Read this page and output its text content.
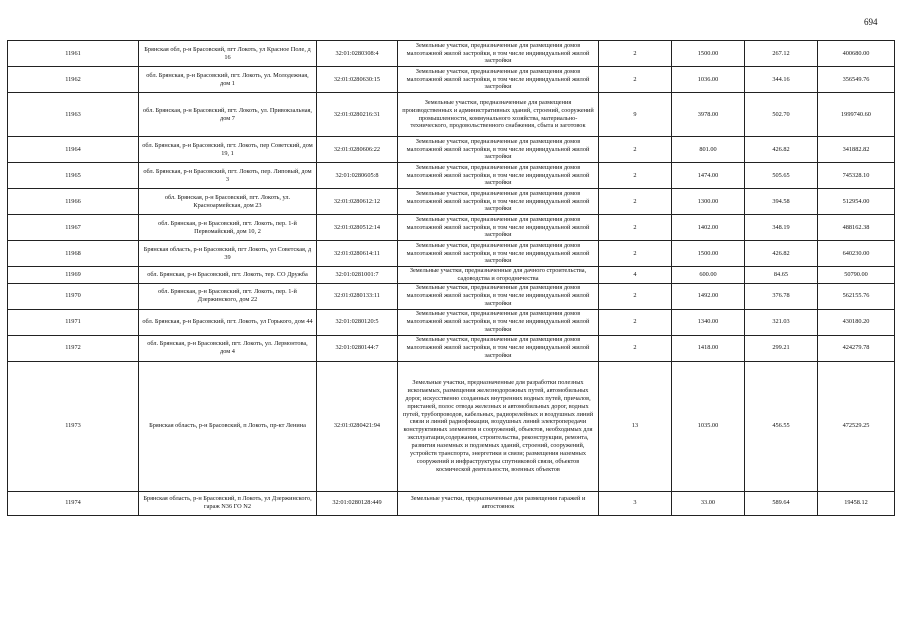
694
11961	Брянская обл, р-н Брасовский, пгт Локоть, ул Красное Поле, д 16	32:01:0280308:4	Земельные участки, предназначенные для размещения домов малоэтажной жилой застройки, в том числе индивидуальной жилой застройки	2	1500.00	267.12	400680.00
11962	обл. Брянская, р-н Брасовский, пгт. Локоть, ул. Молодежная, дом 1	32:01:0280630:15	Земельные участки, предназначенные для размещения домов малоэтажной жилой застройки, в том числе индивидуальной жилой застройки	2	1036.00	344.16	356549.76
11963	обл. Брянская, р-н Брасовский, пгт. Локоть, ул. Привокзальная, дом 7	32:01:0280216:31	Земельные участки, предназначенные для размещения производственных и административных зданий, строений, сооружений промышленности, коммунального хозяйства, материально-технического, продовольственного снабжения, сбыта и заготовок	9	3978.00	502.70	1999740.60
11964	обл. Брянская, р-н Брасовский, пгт. Локоть, пер Советский, дом 19, 1	32:01:0280606:22	Земельные участки, предназначенные для размещения домов малоэтажной жилой застройки, в том числе индивидуальной жилой застройки	2	801.00	426.82	341882.82
11965	обл. Брянская, р-н Брасовский, пгт. Локоть, пер. Липовый, дом 3	32:01:0280605:8	Земельные участки, предназначенные для размещения домов малоэтажной жилой застройки, в том числе индивидуальной жилой застройки	2	1474.00	505.65	745328.10
11966	обл. Брянская, р-н Брасовский, пгт. Локоть, ул. Красноармейская, дом 23	32:01:0280612:12	Земельные участки, предназначенные для размещения домов малоэтажной жилой застройки, в том числе индивидуальной жилой застройки	2	1300.00	394.58	512954.00
11967	обл. Брянская, р-н Брасовский, пгт. Локоть, пер. 1-й Первомайский, дом 10, 2	32:01:0280512:14	Земельные участки, предназначенные для размещения домов малоэтажной жилой застройки, в том числе индивидуальной жилой застройки	2	1402.00	348.19	488162.38
11968	Брянская область, р-н Брасовский, пгт Локоть, ул Советская, д 39	32:01:0280614:11	Земельные участки, предназначенные для размещения домов малоэтажной жилой застройки, в том числе индивидуальной жилой застройки	2	1500.00	426.82	640230.00
11969	обл. Брянская, р-н Брасовский, пгт. Локоть, тер. СО Дружба	32:01:0281001:7	Земельные участки, предназначенные для дачного строительства, садоводства и огородничества	4	600.00	84.65	50790.00
11970	обл. Брянская, р-н Брасовский, пгт. Локоть, пер. 1-й Дзержинского, дом 22	32:01:0280133:11	Земельные участки, предназначенные для размещения домов малоэтажной жилой застройки, в том числе индивидуальной жилой застройки	2	1492.00	376.78	562155.76
11971	обл. Брянская, р-н Брасовский, пгт. Локоть, ул Горького, дом 44	32:01:0280120:5	Земельные участки, предназначенные для размещения домов малоэтажной жилой застройки, в том числе индивидуальной жилой застройки	2	1340.00	321.03	430180.20
11972	обл. Брянская, р-н Брасовский, пгт. Локоть, ул. Лермонтова, дом 4	32:01:0280144:7	Земельные участки, предназначенные для размещения домов малоэтажной жилой застройки, в том числе индивидуальной жилой застройки	2	1418.00	299.21	424279.78
11973	Брянская область, р-н Брасовский, п Локоть, пр-кт Ленина	32:01:0280421:94	Земельные участки, предназначенные для разработки полезных ископаемых, размещения железнодорожных путей, автомобильных дорог, искусственно созданных внутренних водных путей, причалов, пристаней, полос отвода железных и автомобильных дорог, водных путей, трубопроводов, кабельных, радиорелейных и воздушных линий связи и линий радиофикации, воздушных линий электропередачи конструктивных элементов и сооружений, объектов, необходимых для эксплуатации,содержания, строительства, реконструкции, ремонта, развития наземных и подземных зданий, строений, сооружений, устройств транспорта, энергетики и связи; размещения наземных сооружений и инфраструктуры спутниковой связи, объектов космической деятельности, военных объектов	13	1035.00	456.55	472529.25
11974	Брянская область, р-н Брасовский, п Локоть, ул Дзержинского, гараж N36 ГО N2	32:01:0280128:449	Земельные участки, предназначенные для размещения гаражей и автостоянок	3	33.00	589.64	19458.12
